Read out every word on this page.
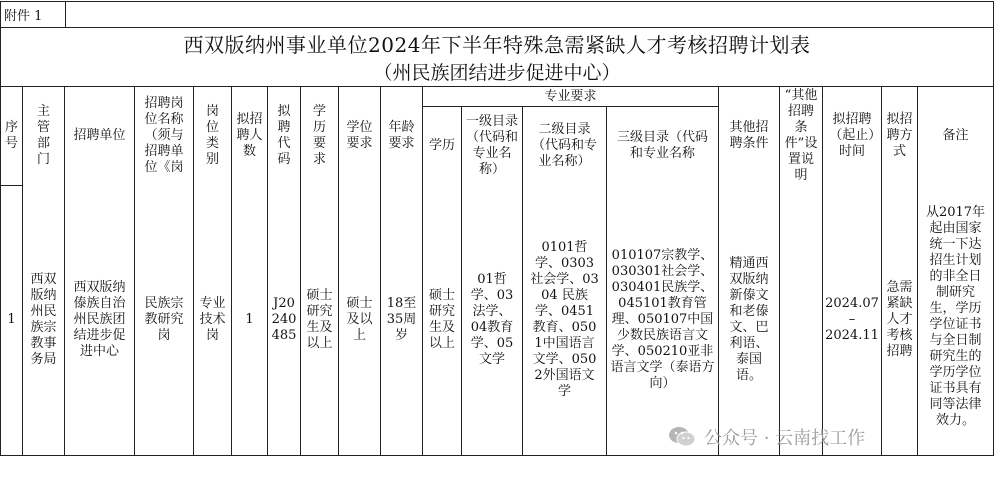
附件 1
西双版纳州事业单位2024年下半年特殊急需紧缺人才考核招聘计划表
（州民族团结进步促进中心）
序号
主管部门
招聘单位
招聘岗位名称（须与招聘单位《岗
岗位类别
拟招聘人数
拟聘代码
学历要求
学位要求
年龄要求
专业要求
学历
一级目录（代码和专业名称）
二级目录（代码和专业名称）
三级目录（代码和专业名称
其他招聘条件
“其他招聘条件”设置说明
拟招聘（起止）时间
拟招聘方式
备注
1
西双版纳州民族宗教事务局
西双版纳傣族自治州民族团结进步促进中心
民族宗教研究岗
专业技术岗
1
J20240485
硕士研究生及以上
硕士及以上
18至35周岁
硕士研究生及以上
01哲学、03法学、04教育学、05文学
0101哲学、0303社会学、0304 民族学、0451教育、0501中国语言文学、0502外国语文学
010107宗教学、030301社会学、030401民族学、045101教育管理、050107中国少数民族语言文学、050210亚非语言文学（泰语方向）
精通西双版纳新傣文和老傣文、巴利语、泰国语。
2024.07
–
2024.11
急需紧缺人才考核招聘
从2017年起由国家统一下达招生计划的非全日制研究生，学历学位证书与全日制研究生的学历学位证书具有同等法律效力。
公众号 · 云南找工作
